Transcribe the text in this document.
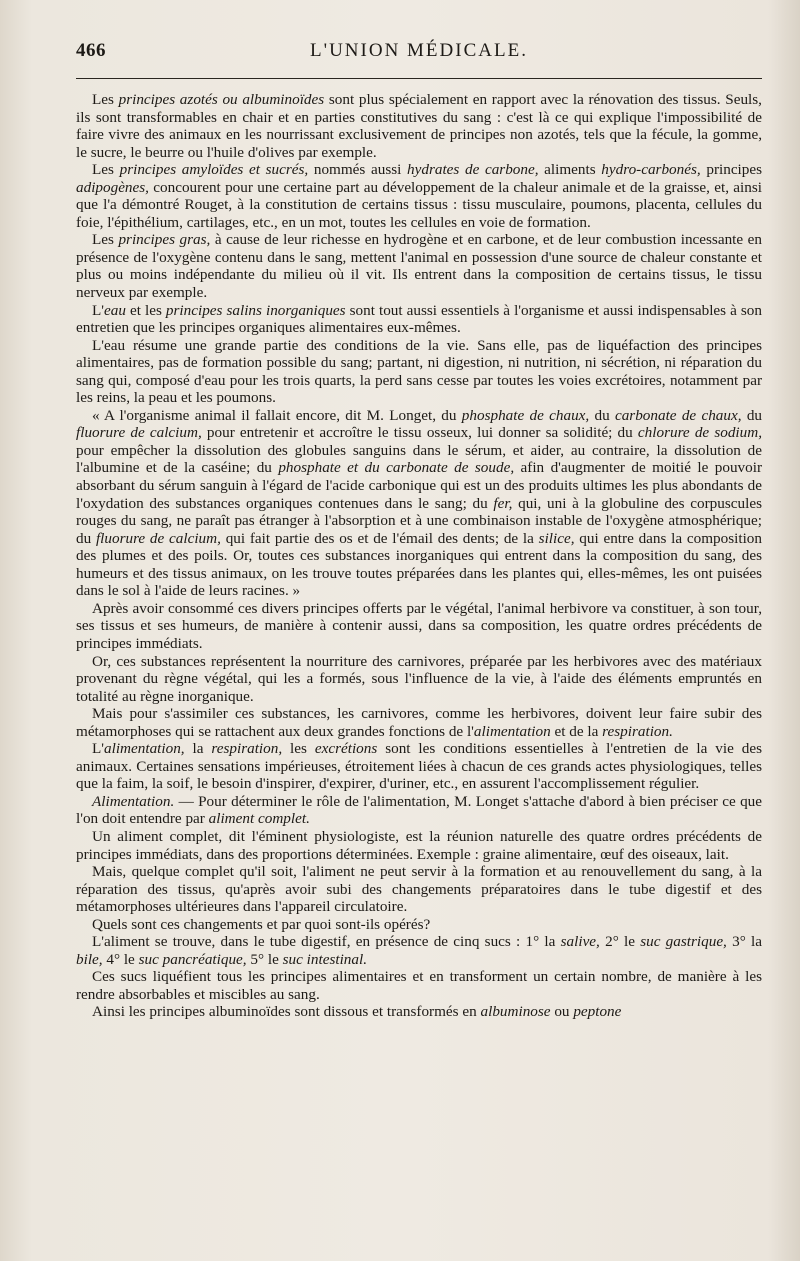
466	L'UNION MÉDICALE.

Les principes azotés ou albuminoïdes sont plus spécialement en rapport avec la rénovation des tissus. Seuls, ils sont transformables en chair et en parties constitutives du sang : c'est là ce qui explique l'impossibilité de faire vivre des animaux en les nourrissant exclusivement de principes non azotés, tels que la fécule, la gomme, le sucre, le beurre ou l'huile d'olives par exemple.

Les principes amyloïdes et sucrés, nommés aussi hydrates de carbone, aliments hydro-carbonés, principes adipogènes, concourent pour une certaine part au développement de la chaleur animale et de la graisse, et, ainsi que l'a démontré Rouget, à la constitution de certains tissus : tissu musculaire, poumons, placenta, cellules du foie, l'épithélium, cartilages, etc., en un mot, toutes les cellules en voie de formation.

Les principes gras, à cause de leur richesse en hydrogène et en carbone, et de leur combustion incessante en présence de l'oxygène contenu dans le sang, mettent l'animal en possession d'une source de chaleur constante et plus ou moins indépendante du milieu où il vit. Ils entrent dans la composition de certains tissus, le tissu nerveux par exemple.

L'eau et les principes salins inorganiques sont tout aussi essentiels à l'organisme et aussi indispensables à son entretien que les principes organiques alimentaires eux-mêmes.

L'eau résume une grande partie des conditions de la vie. Sans elle, pas de liquéfaction des principes alimentaires, pas de formation possible du sang; partant, ni digestion, ni nutrition, ni sécrétion, ni réparation du sang qui, composé d'eau pour les trois quarts, la perd sans cesse par toutes les voies excrétoires, notamment par les reins, la peau et les poumons.

« A l'organisme animal il fallait encore, dit M. Longet, du phosphate de chaux, du carbonate de chaux, du fluorure de calcium, pour entretenir et accroître le tissu osseux, lui donner sa solidité; du chlorure de sodium, pour empêcher la dissolution des globules sanguins dans le sérum, et aider, au contraire, la dissolution de l'albumine et de la caséine; du phosphate et du carbonate de soude, afin d'augmenter de moitié le pouvoir absorbant du sérum sanguin à l'égard de l'acide carbonique qui est un des produits ultimes les plus abondants de l'oxydation des substances organiques contenues dans le sang; du fer, qui, uni à la globuline des corpuscules rouges du sang, ne paraît pas étranger à l'absorption et à une combinaison instable de l'oxygène atmosphérique; du fluorure de calcium, qui fait partie des os et de l'émail des dents; de la silice, qui entre dans la composition des plumes et des poils. Or, toutes ces substances inorganiques qui entrent dans la composition du sang, des humeurs et des tissus animaux, on les trouve toutes préparées dans les plantes qui, elles-mêmes, les ont puisées dans le sol à l'aide de leurs racines. »

Après avoir consommé ces divers principes offerts par le végétal, l'animal herbivore va constituer, à son tour, ses tissus et ses humeurs, de manière à contenir aussi, dans sa composition, les quatre ordres précédents de principes immédiats.

Or, ces substances représentent la nourriture des carnivores, préparée par les herbivores avec des matériaux provenant du règne végétal, qui les a formés, sous l'influence de la vie, à l'aide des éléments empruntés en totalité au règne inorganique.

Mais pour s'assimiler ces substances, les carnivores, comme les herbivores, doivent leur faire subir des métamorphoses qui se rattachent aux deux grandes fonctions de l'alimentation et de la respiration.

L'alimentation, la respiration, les excrétions sont les conditions essentielles à l'entretien de la vie des animaux. Certaines sensations impérieuses, étroitement liées à chacun de ces grands actes physiologiques, telles que la faim, la soif, le besoin d'inspirer, d'expirer, d'uriner, etc., en assurent l'accomplissement régulier.

Alimentation. — Pour déterminer le rôle de l'alimentation, M. Longet s'attache d'abord à bien préciser ce que l'on doit entendre par aliment complet.

Un aliment complet, dit l'éminent physiologiste, est la réunion naturelle des quatre ordres précédents de principes immédiats, dans des proportions déterminées. Exemple : graine alimentaire, œuf des oiseaux, lait.

Mais, quelque complet qu'il soit, l'aliment ne peut servir à la formation et au renouvellement du sang, à la réparation des tissus, qu'après avoir subi des changements préparatoires dans le tube digestif et des métamorphoses ultérieures dans l'appareil circulatoire.

Quels sont ces changements et par quoi sont-ils opérés?

L'aliment se trouve, dans le tube digestif, en présence de cinq sucs : 1° la salive, 2° le suc gastrique, 3° la bile, 4° le suc pancréatique, 5° le suc intestinal.

Ces sucs liquéfient tous les principes alimentaires et en transforment un certain nombre, de manière à les rendre absorbables et miscibles au sang.

Ainsi les principes albuminoïdes sont dissous et transformés en albuminose ou peptone
